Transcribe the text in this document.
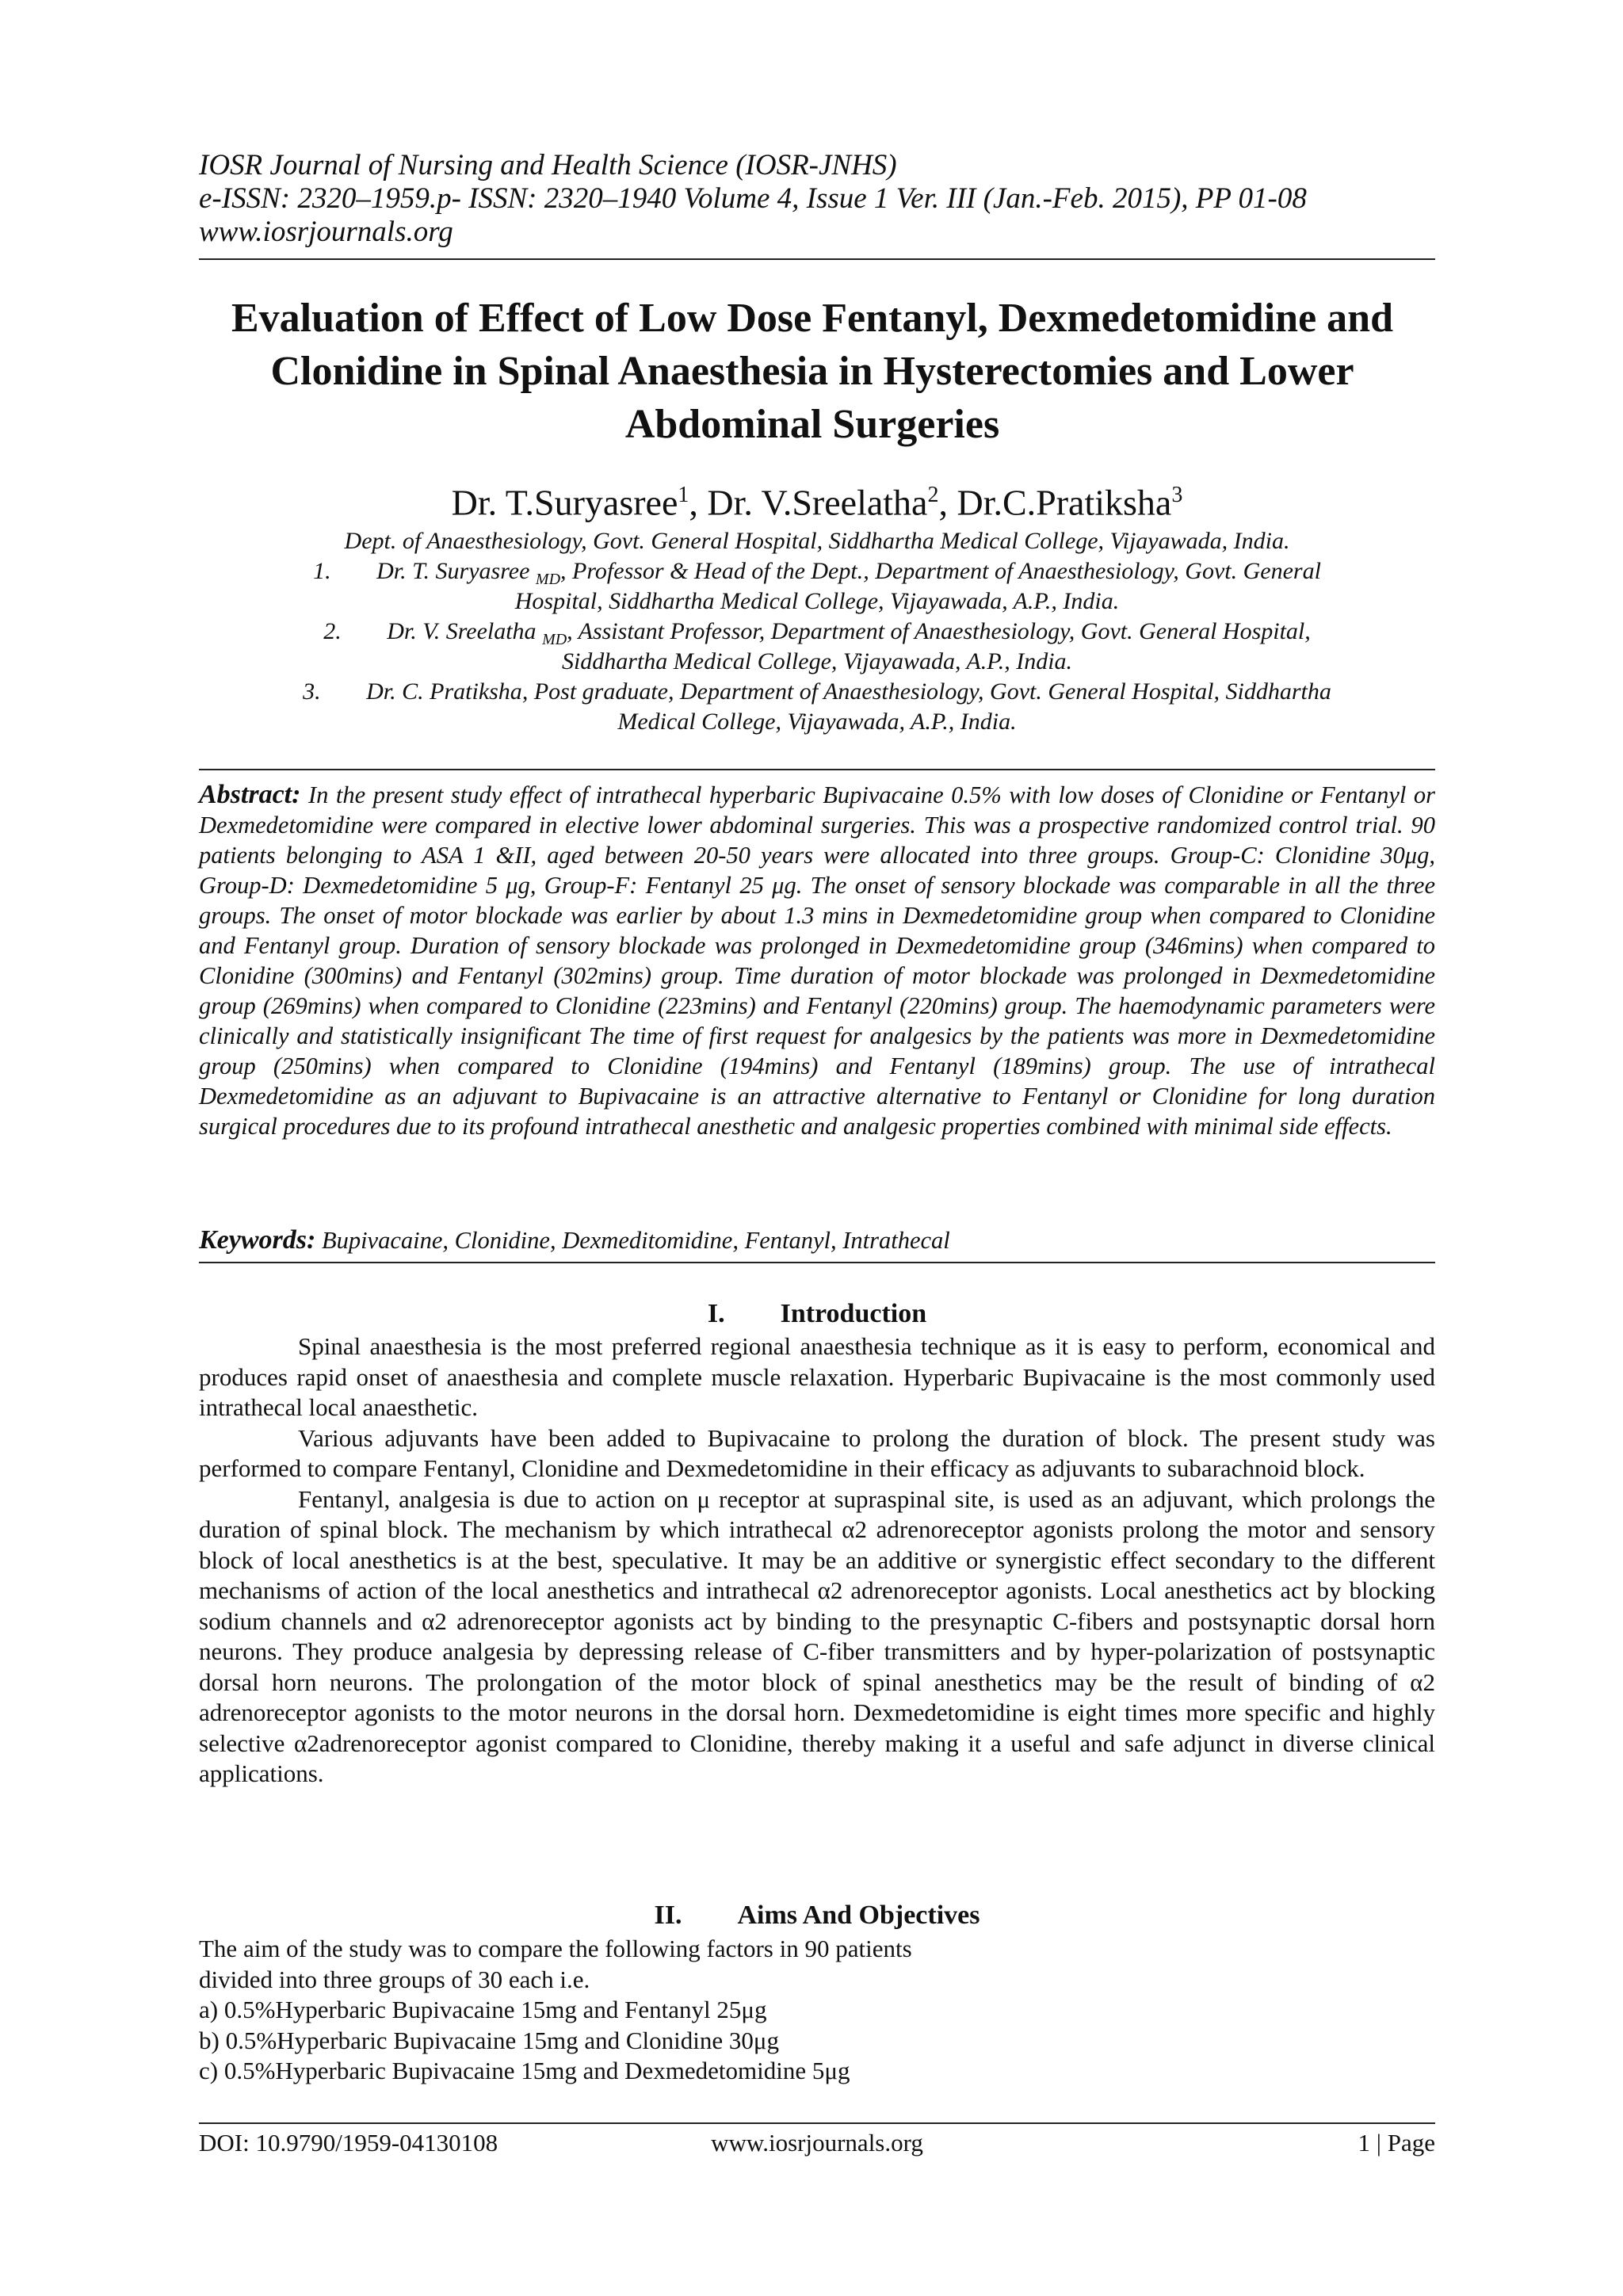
IOSR Journal of Nursing and Health Science (IOSR-JNHS)
e-ISSN: 2320–1959.p- ISSN: 2320–1940 Volume 4, Issue 1 Ver. III (Jan.-Feb. 2015), PP 01-08
www.iosrjournals.org
Evaluation of Effect of Low Dose Fentanyl, Dexmedetomidine and
Clonidine in Spinal Anaesthesia in Hysterectomies and Lower
Abdominal Surgeries
Dr. T.Suryasree$^1$, Dr. V.Sreelatha$^2$, Dr.C.Pratiksha$^3$
Dept. of Anaesthesiology, Govt. General Hospital, Siddhartha Medical College, Vijayawada, India.
1. Dr. T. Suryasree $_{MD}$, Professor & Head of the Dept., Department of Anaesthesiology, Govt. General
Hospital, Siddhartha Medical College, Vijayawada, A.P., India.
2. Dr. V. Sreelatha $_{MD}$, Assistant Professor, Department of Anaesthesiology, Govt. General Hospital,
Siddhartha Medical College, Vijayawada, A.P., India.
3. Dr. C. Pratiksha, Post graduate, Department of Anaesthesiology, Govt. General Hospital, Siddhartha
Medical College, Vijayawada, A.P., India.
Abstract: In the present study effect of intrathecal hyperbaric Bupivacaine 0.5% with low doses of Clonidine or Fentanyl or Dexmedetomidine were compared in elective lower abdominal surgeries. This was a prospective randomized control trial. 90 patients belonging to ASA 1 &II, aged between 20-50 years were allocated into three groups. Group-C: Clonidine 30μg, Group-D: Dexmedetomidine 5 μg, Group-F: Fentanyl 25 μg. The onset of sensory blockade was comparable in all the three groups. The onset of motor blockade was earlier by about 1.3 mins in Dexmedetomidine group when compared to Clonidine and Fentanyl group. Duration of sensory blockade was prolonged in Dexmedetomidine group (346mins) when compared to Clonidine (300mins) and Fentanyl (302mins) group. Time duration of motor blockade was prolonged in Dexmedetomidine group (269mins) when compared to Clonidine (223mins) and Fentanyl (220mins) group. The haemodynamic parameters were clinically and statistically insignificant The time of first request for analgesics by the patients was more in Dexmedetomidine group (250mins) when compared to Clonidine (194mins) and Fentanyl (189mins) group. The use of intrathecal Dexmedetomidine as an adjuvant to Bupivacaine is an attractive alternative to Fentanyl or Clonidine for long duration surgical procedures due to its profound intrathecal anesthetic and analgesic properties combined with minimal side effects.
Keywords: Bupivacaine, Clonidine, Dexmeditomidine, Fentanyl, Intrathecal
I. Introduction

Spinal anaesthesia is the most preferred regional anaesthesia technique as it is easy to perform, economical and produces rapid onset of anaesthesia and complete muscle relaxation. Hyperbaric Bupivacaine is the most commonly used intrathecal local anaesthetic.

Various adjuvants have been added to Bupivacaine to prolong the duration of block. The present study was performed to compare Fentanyl, Clonidine and Dexmedetomidine in their efficacy as adjuvants to subarachnoid block.

Fentanyl, analgesia is due to action on μ receptor at supraspinal site, is used as an adjuvant, which prolongs the duration of spinal block. The mechanism by which intrathecal α2 adrenoreceptor agonists prolong the motor and sensory block of local anesthetics is at the best, speculative. It may be an additive or synergistic effect secondary to the different mechanisms of action of the local anesthetics and intrathecal α2 adrenoreceptor agonists. Local anesthetics act by blocking sodium channels and α2 adrenoreceptor agonists act by binding to the presynaptic C-fibers and postsynaptic dorsal horn neurons. They produce analgesia by depressing release of C-fiber transmitters and by hyper-polarization of postsynaptic dorsal horn neurons. The prolongation of the motor block of spinal anesthetics may be the result of binding of α2 adrenoreceptor agonists to the motor neurons in the dorsal horn. Dexmedetomidine is eight times more specific and highly selective α2adrenoreceptor agonist compared to Clonidine, thereby making it a useful and safe adjunct in diverse clinical applications.

II. Aims And Objectives
The aim of the study was to compare the following factors in 90 patients
divided into three groups of 30 each i.e.
a) 0.5%Hyperbaric Bupivacaine 15mg and Fentanyl 25μg
b) 0.5%Hyperbaric Bupivacaine 15mg and Clonidine 30μg
c) 0.5%Hyperbaric Bupivacaine 15mg and Dexmedetomidine 5μg
DOI: 10.9790/1959-04130108	www.iosrjournals.org	1 | Page
